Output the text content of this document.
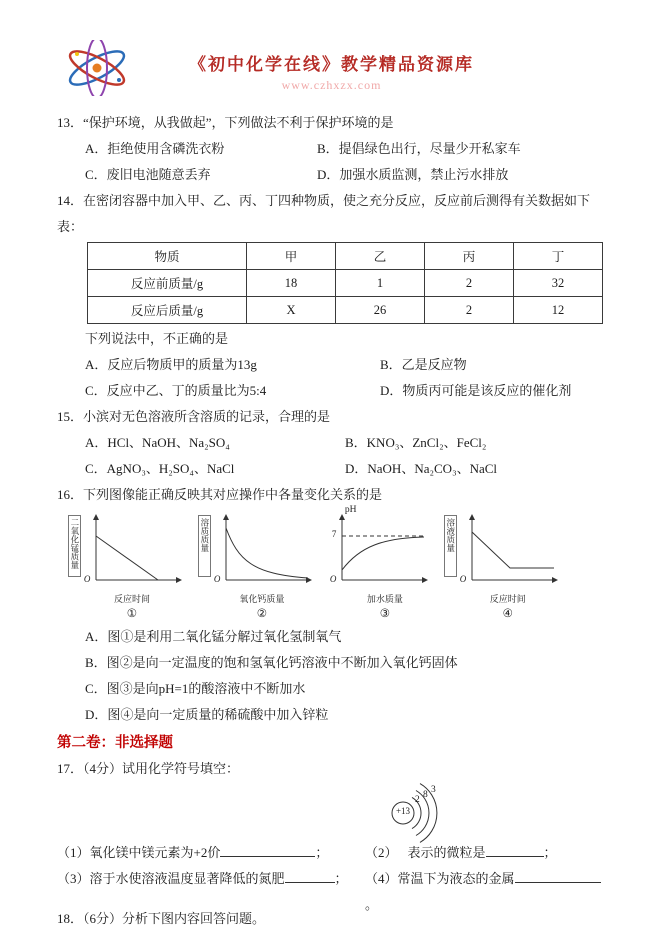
《初中化学在线》教学精品资源库
www.czhxzx.com
13．“保护环境，从我做起”，下列做法不利于保护环境的是
A．拒绝使用含磷洗衣粉	B．提倡绿色出行，尽量少开私家车
C．废旧电池随意丢弃	D．加强水质监测，禁止污水排放
14．在密闭容器中加入甲、乙、丙、丁四种物质，使之充分反应，反应前后测得有关数据如下表：
物质	甲	乙	丙	丁
反应前质量/g	18	1	2	32
反应后质量/g	X	26	2	12
下列说法中，不正确的是
A．反应后物质甲的质量为13g	B．乙是反应物
C．反应中乙、丁的质量比为5:4	D．物质丙可能是该反应的催化剂
15．小滨对无色溶液所含溶质的记录，合理的是
A．HCl、NaOH、Na₂SO₄	B．KNO₃、ZnCl₂、FeCl₂
C．AgNO₃、H₂SO₄、NaCl	D．NaOH、Na₂CO₃、NaCl
16．下列图像能正确反映其对应操作中各量变化关系的是
二氧化锰质量
O
反应时间
①
溶质质量
O
氧化钙质量
②
pH
7
O
加水质量
③
溶液质量
O
反应时间
④
A．图①是利用二氧化锰分解过氧化氢制氧气
B．图②是向一定温度的饱和氢氧化钙溶液中不断加入氧化钙固体
C．图③是向pH=1的酸溶液中不断加水
D．图④是向一定质量的稀硫酸中加入锌粒
第二卷：非选择题
17．（4分）试用化学符号填空：
+13
2 8 3
（1）氧化镁中镁元素为+2价	；	（2） 表示的微粒是	；
（3）溶于水使溶液温度显著降低的氮肥	； （4）常温下为液态的金属。
18．（6分）分析下图内容回答问题。
